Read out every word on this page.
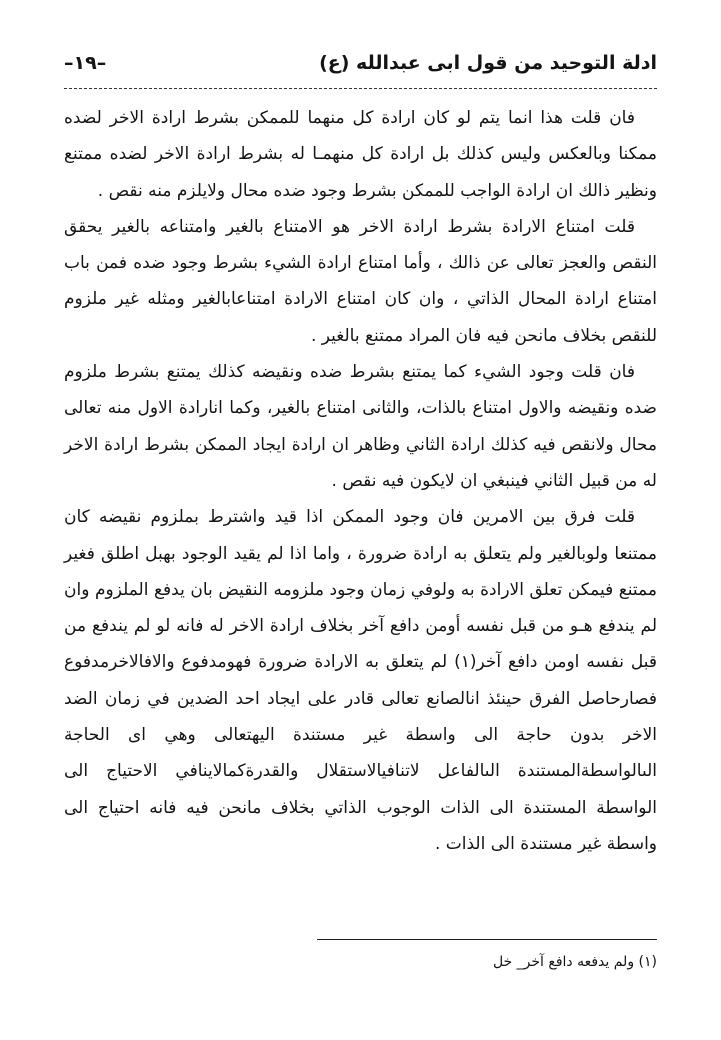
ادلة التوحيد من قول ابى عبدالله (ع)
–١٩–

فان قلت هذا انما يتم لو كان ارادة كل منهما للممكن بشرط ارادة الاخر لضده ممكنا وبالعكس وليس كذلك بل ارادة كل منهمـا له بشرط ارادة الاخر لضده ممتنع ونظير ذالك ان ارادة الواجب للممكن بشرط وجود ضده محال ولايلزم منه نقص .

قلت امتناع الارادة بشرط ارادة الاخر هو الامتناع بالغير وامتناعه بالغير يحقق النقص والعجز تعالى عن ذالك ، وأما امتناع ارادة الشيء بشرط وجود ضده فمن باب امتناع ارادة المحال الذاتي ، وان كان امتناع الارادة امتناعابالغير ومثله غير ملزوم للنقص بخلاف مانحن فيه فان المراد ممتنع بالغير .

فان قلت وجود الشيء كما يمتنع بشرط ضده ونقيضه كذلك يمتنع بشرط ملزوم ضده ونقيضه والاول امتناع بالذات، والثانى امتناع بالغير، وكما انارادة الاول منه تعالى محال ولانقص فيه كذلك ارادة الثاني وظاهر ان ارادة ايجاد الممكن بشرط ارادة الاخر له من قبيل الثاني فينبغي ان لايكون فيه نقص .

قلت فرق بين الامرين فان وجود الممكن اذا قيد واشترط بملزوم نقيضه كان ممتنعا ولوبالغير ولم يتعلق به ارادة ضرورة ، واما اذا لم يقيد الوجود بهبل اطلق فغير ممتنع فيمكن تعلق الارادة به ولوفي زمان وجود ملزومه النقيض بان يدفع الملزوم وان لم يندفع هـو من قبل نفسه أومن دافع آخر بخلاف ارادة الاخر له فانه لو لم يندفع من قبل نفسه اومن دافع آخر(١) لم يتعلق به الارادة ضرورة فهومدفوع والافالاخرمدفوع فصارحاصل الفرق حينئذ انالصانع تعالى قادر على ايجاد احد الضدين في زمان الضد الاخر بدون حاجة الى واسطة غير مستندة اليهتعالى وهي اى الحاجة الىالواسطةالمستندة الىالفاعل لاتنافيالاستقلال والقدرةكمالاينافي الاحتياج الى الواسطة المستندة الى الذات الوجوب الذاتي بخلاف مانحن فيه فانه احتياج الى واسطة غير مستندة الى الذات .

(١) ولم يدفعه دافع آخر_ خل
